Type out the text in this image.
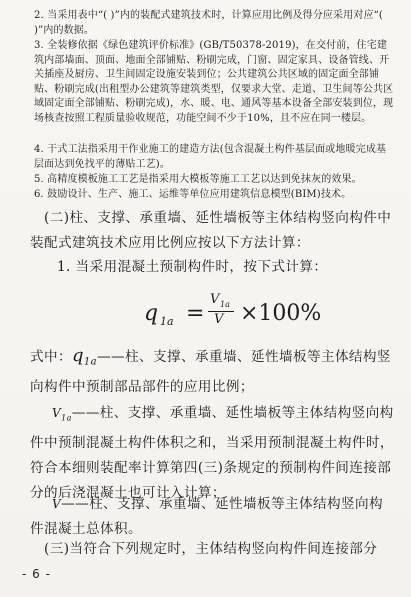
2. 当采用表中“( )”内的装配式建筑技术时，计算应用比例及得分应采用对应“( )”内的数据。

3. 全装修依据《绿色建筑评价标准》(GB/T50378-2019)，在交付前，住宅建筑内部墙面、顶面、地面全部铺贴、粉刷完成，门窗、固定家具、设备管线、开关插座及厨房、卫生间固定设施安装到位；公共建筑公共区域的固定面全部铺贴、粉刷完成(出租型办公建筑等建筑类型，仅要求大堂、走道、卫生间等公共区域固定面全部铺贴、粉刷完成)，水、暖、电、通风等基本设备全部安装到位，现场核查按照工程质量验收规范，功能空间不少于10%，且不应在同一楼层。

4. 干式工法指采用干作业施工的建造方法(包含混凝土构件基层面或地暖完成基层面达到免找平的薄贴工艺)。

5. 高精度模板施工工艺是指采用大模板等施工工艺以达到免抹灰的效果。

6. 鼓励设计、生产、施工、运维等单位应用建筑信息模型(BIM)技术。

(二)柱、支撑、承重墙、延性墙板等主体结构竖向构件中装配式建筑技术应用比例应按以下方法计算：

1. 当采用混凝土预制构件时，按下式计算：

q 1a =
V 1a
V ×100%

式中：$q_{1a}——$柱、支撑、承重墙、延性墙板等主体结构竖向构件中预制部品部件的应用比例；

$V_{1a}——$柱、支撑、承重墙、延性墙板等主体结构竖向构件中预制混凝土构件体积之和，当采用预制混凝土构件时，符合本细则装配率计算第四(三)条规定的预制构件间连接部分的后浇混凝土也可计入计算；

V——柱、支撑、承重墙、延性墙板等主体结构竖向构件混凝土总体积。

(三)当符合下列规定时，主体结构竖向构件间连接部分

- 6 -
